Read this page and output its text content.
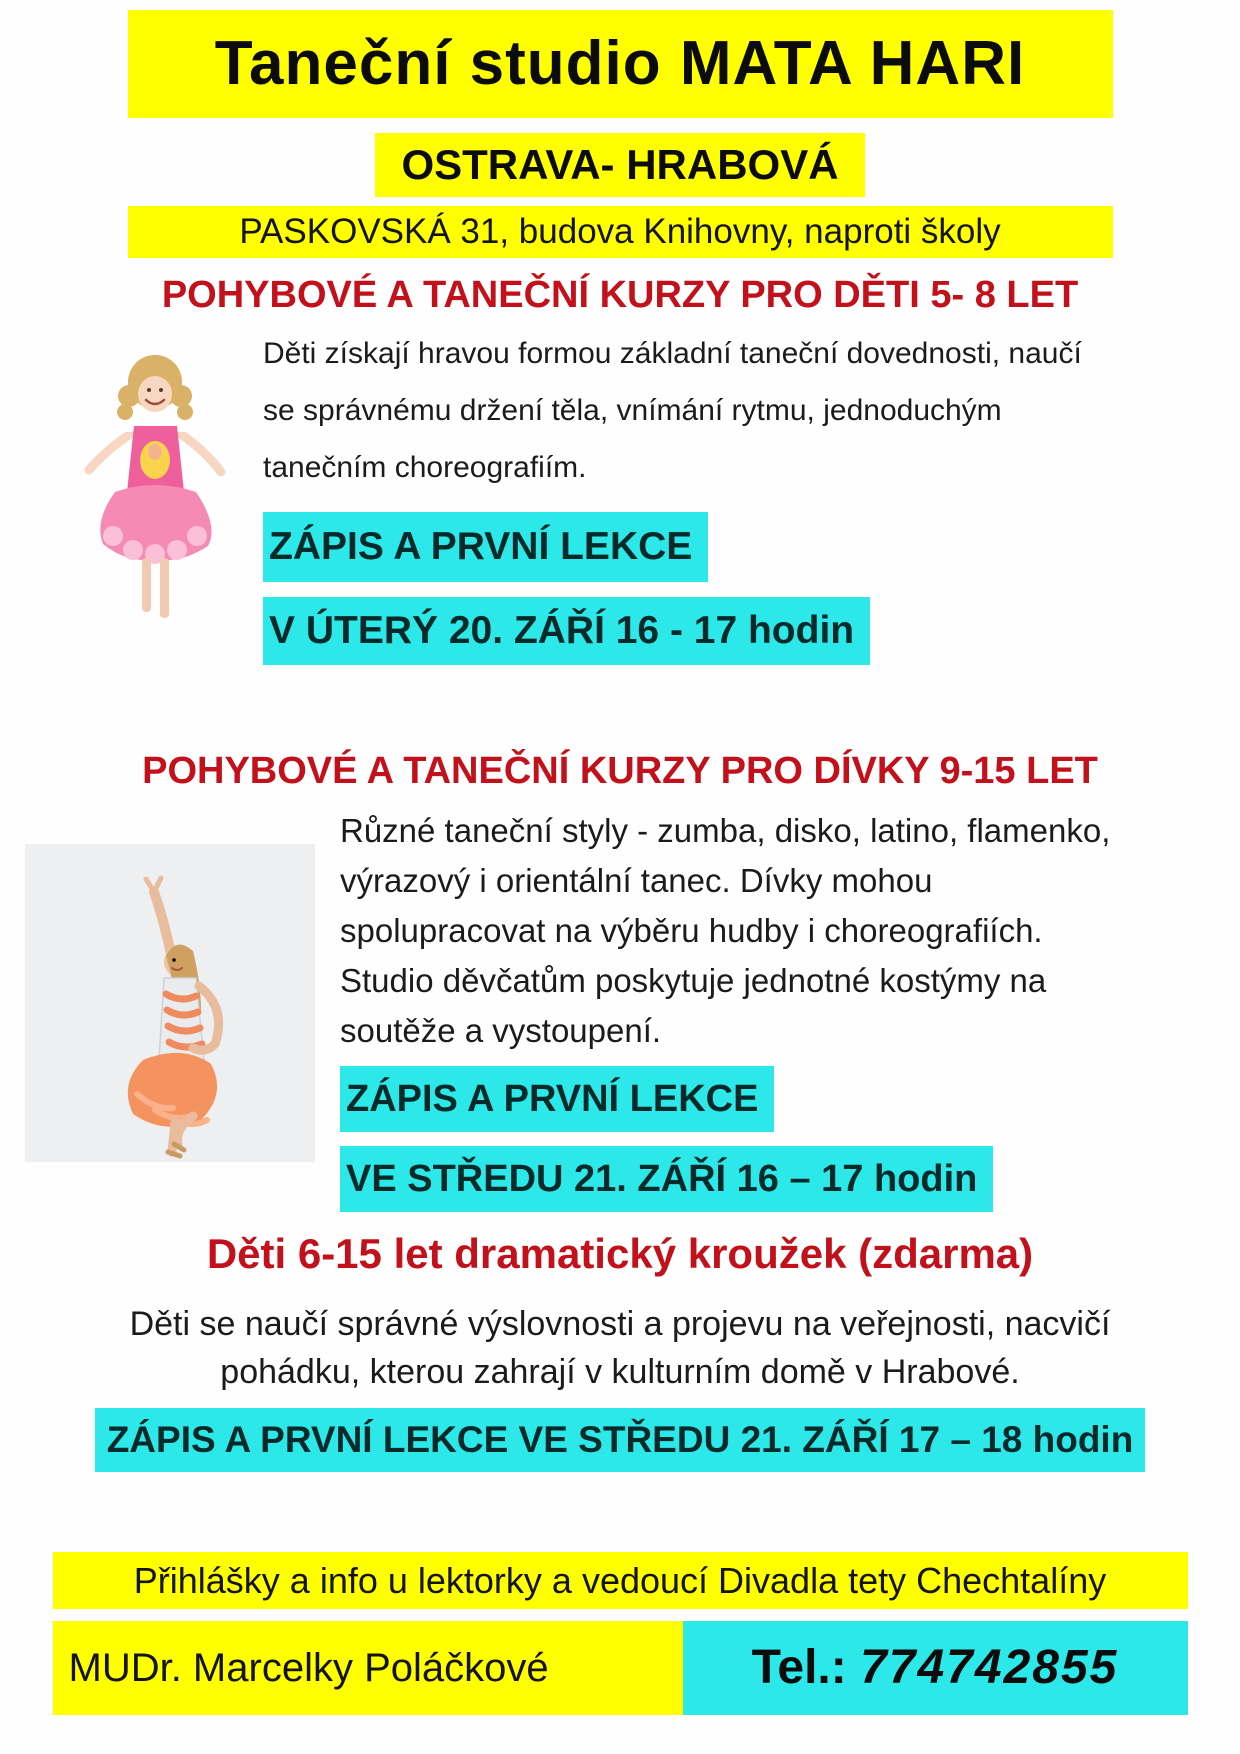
Taneční studio MATA HARI
OSTRAVA- HRABOVÁ
PASKOVSKÁ 31, budova Knihovny, naproti školy
POHYBOVÉ A TANEČNÍ KURZY PRO DĚTI 5- 8 LET
Děti získají hravou formou základní taneční dovednosti, naučí
se správnému držení těla, vnímání rytmu, jednoduchým
tanečním choreografiím.
ZÁPIS A PRVNÍ LEKCE
V ÚTERÝ 20. ZÁŘÍ 16 - 17 hodin
POHYBOVÉ A TANEČNÍ KURZY PRO DÍVKY 9-15 LET
Různé taneční styly - zumba, disko, latino, flamenko,
výrazový i orientální tanec. Dívky mohou
spolupracovat na výběru hudby i choreografiích.
Studio děvčatům poskytuje jednotné kostýmy na
soutěže a vystoupení.
ZÁPIS A PRVNÍ LEKCE
VE STŘEDU 21. ZÁŘÍ 16 – 17 hodin
Děti 6-15 let dramatický kroužek (zdarma)
Děti se naučí správné výslovnosti a projevu na veřejnosti, nacvičí
pohádku, kterou zahrají v kulturním domě v Hrabové.
ZÁPIS A PRVNÍ LEKCE VE STŘEDU 21. ZÁŘÍ 17 – 18 hodin
Přihlášky a info u lektorky a vedoucí Divadla tety Chechtalíny
MUDr. Marcelky Poláčkové	Tel.: 774742855
